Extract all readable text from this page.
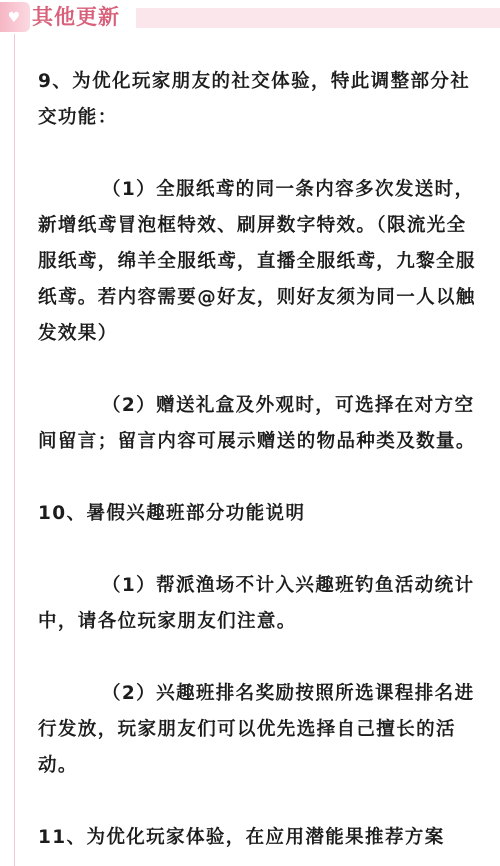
♥ 其他更新

9、为优化玩家朋友的社交体验，特此调整部分社交功能：

（1）全服纸鸢的同一条内容多次发送时，新增纸鸢冒泡框特效、刷屏数字特效。（限流光全服纸鸢，绵羊全服纸鸢，直播全服纸鸢，九黎全服纸鸢。若内容需要@好友，则好友须为同一人以触发效果）

（2）赠送礼盒及外观时，可选择在对方空间留言；留言内容可展示赠送的物品种类及数量。

10、暑假兴趣班部分功能说明

（1）帮派渔场不计入兴趣班钓鱼活动统计中，请各位玩家朋友们注意。

（2）兴趣班排名奖励按照所选课程排名进行发放，玩家朋友们可以优先选择自己擅长的活动。

11、为优化玩家体验，在应用潜能果推荐方案
